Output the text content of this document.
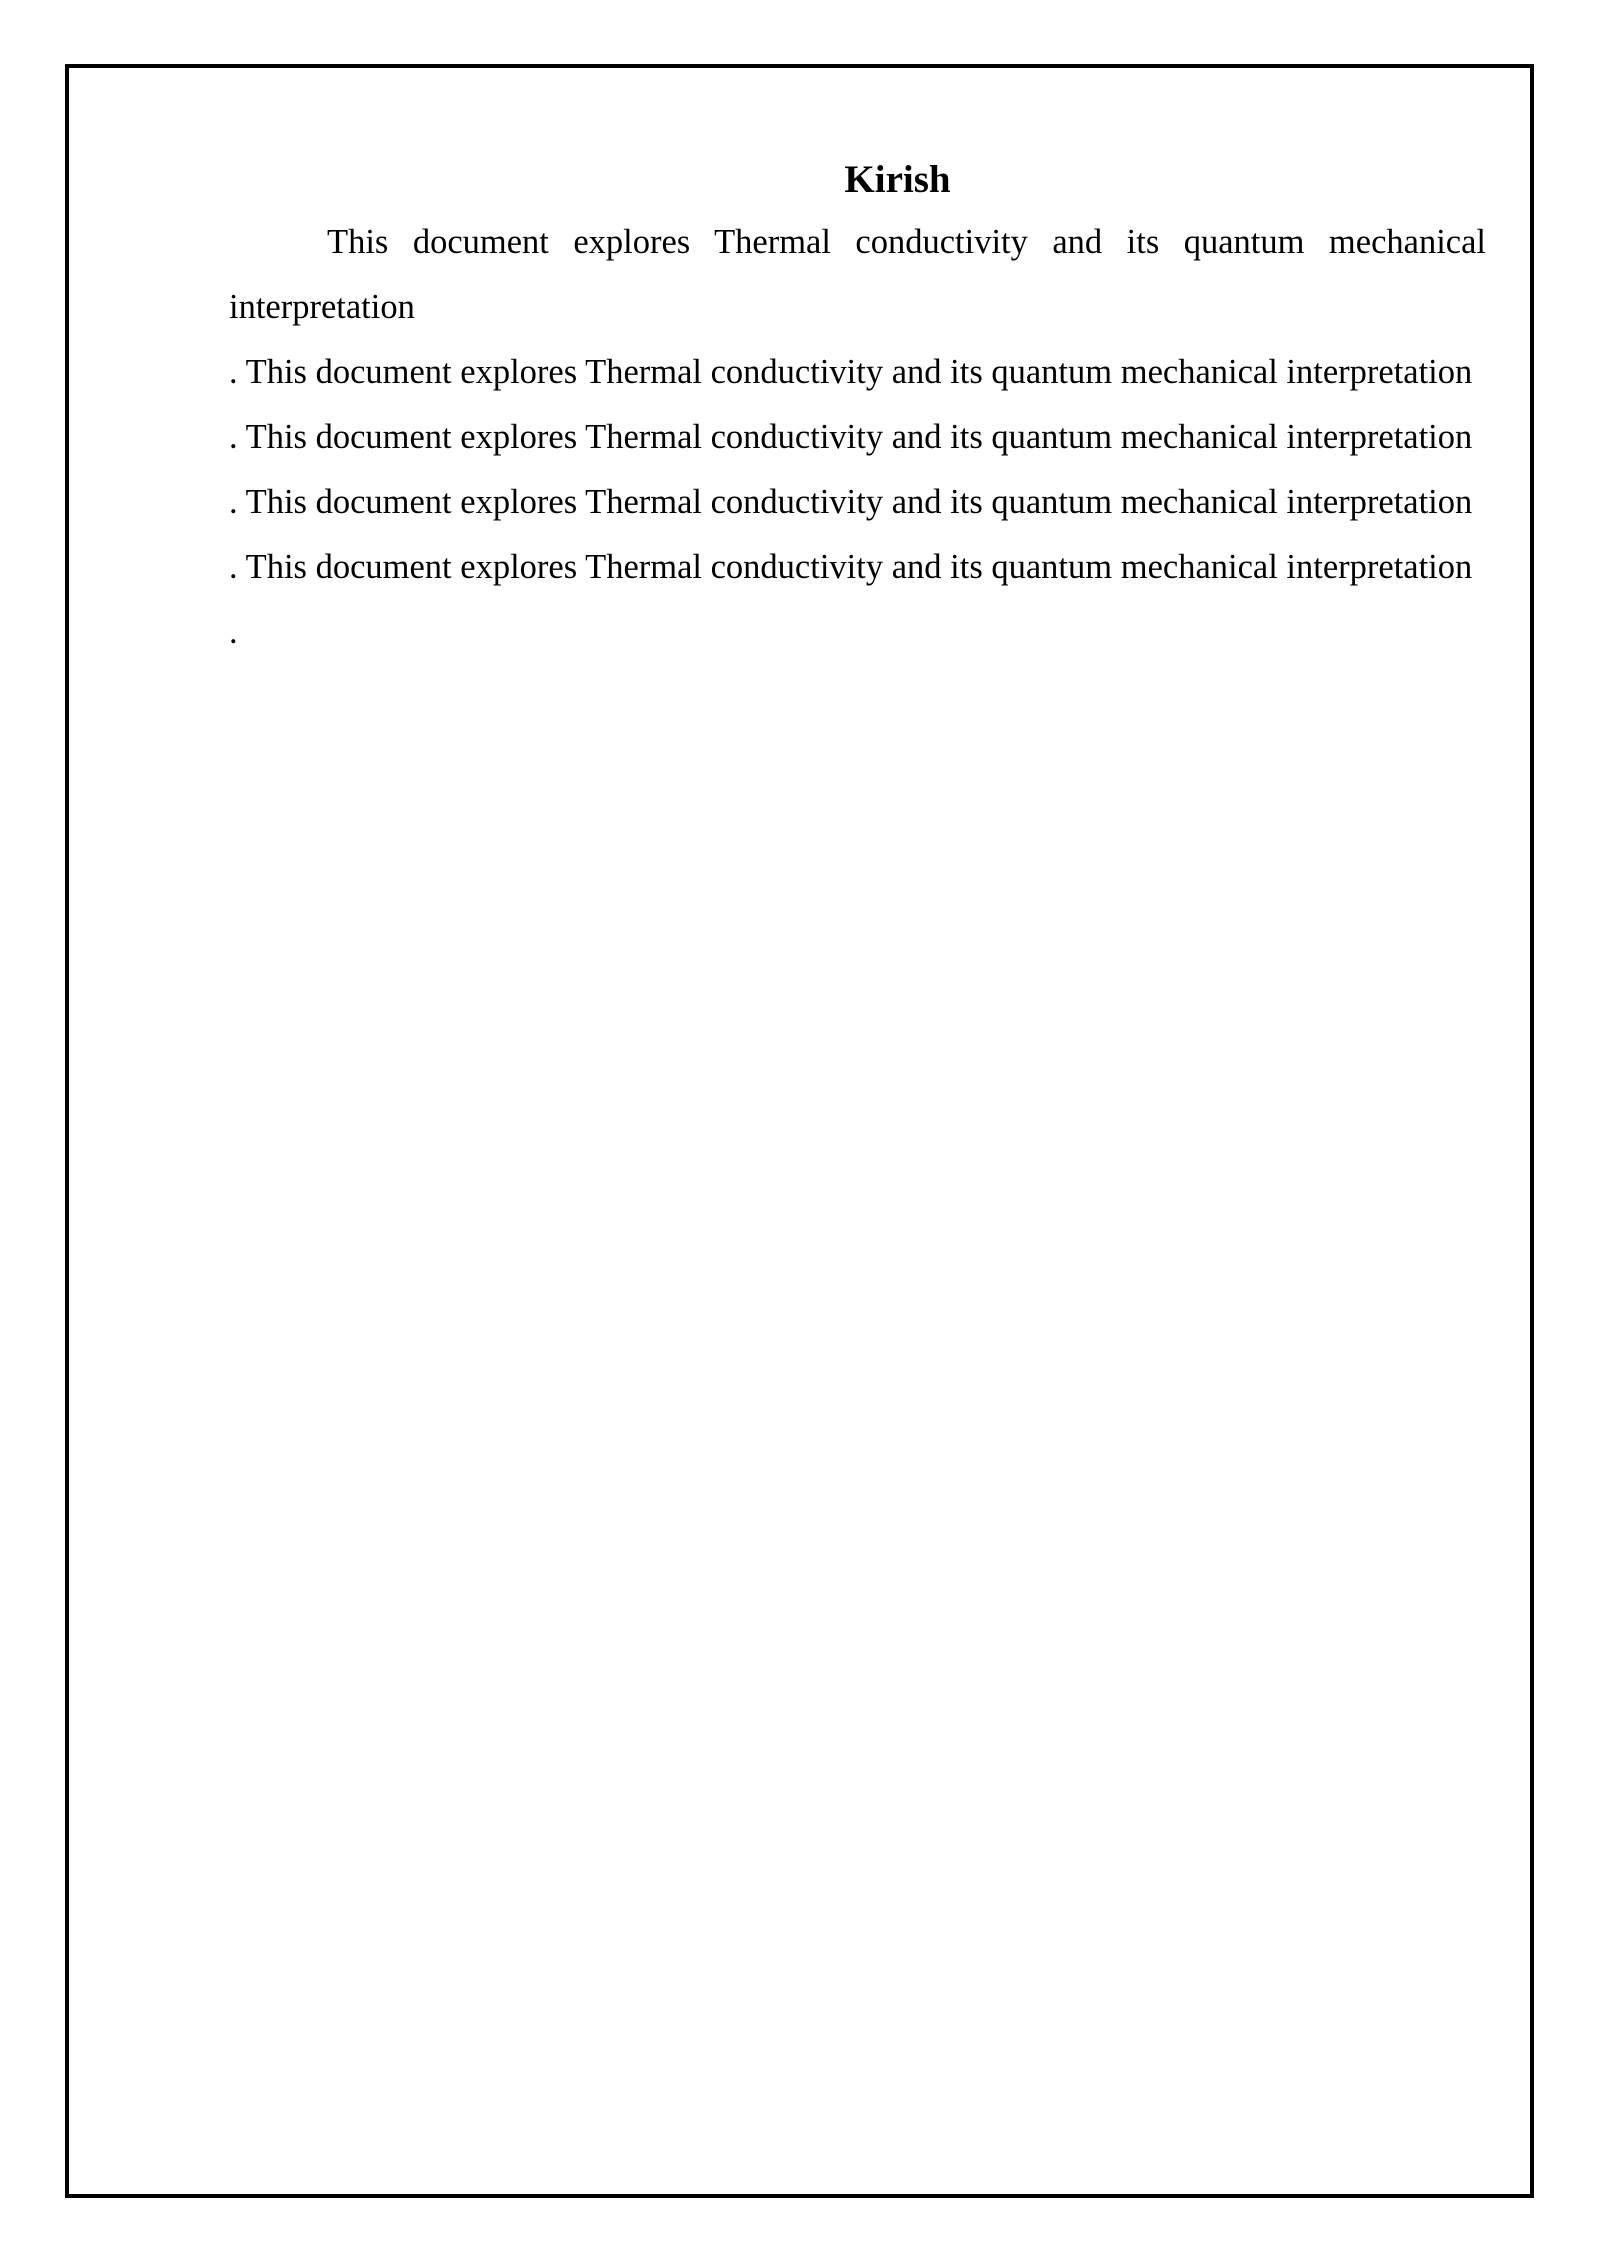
Kirish

This document explores Thermal conductivity and its quantum mechanical interpretation

. This document explores Thermal conductivity and its quantum mechanical interpretation

. This document explores Thermal conductivity and its quantum mechanical interpretation

. This document explores Thermal conductivity and its quantum mechanical interpretation

. This document explores Thermal conductivity and its quantum mechanical interpretation

.
